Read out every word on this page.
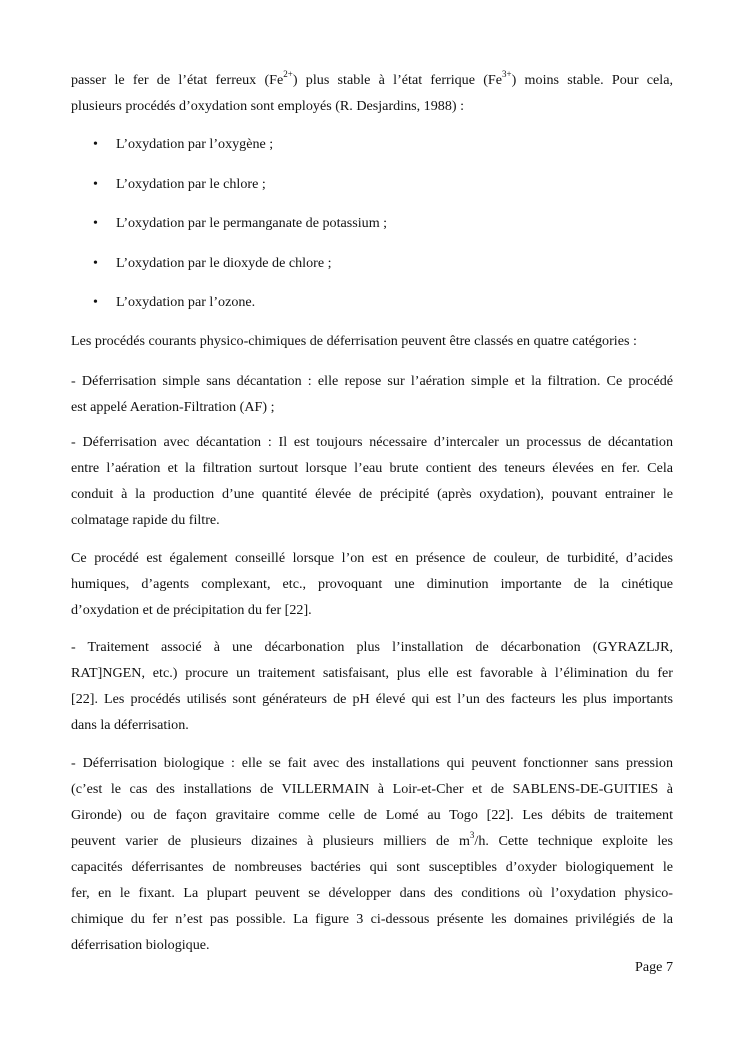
passer le fer de l’état ferreux $(Fe^{2+})$ plus stable à l’état ferrique $(Fe^{3+})$ moins stable. Pour cela,
plusieurs procédés d’oxydation sont employés (R. Desjardins, 1988) :
• L’oxydation par l’oxygène ;
• L’oxydation par le chlore ;
• L’oxydation par le permanganate de potassium ;
• L’oxydation par le dioxyde de chlore ;
• L’oxydation par l’ozone.
Les procédés courants physico-chimiques de déferrisation peuvent être classés en quatre catégories :
- Déferrisation simple sans décantation : elle repose sur l’aération simple et la filtration. Ce procédé
est appelé Aeration-Filtration (AF) ;
- Déferrisation avec décantation : Il est toujours nécessaire d’intercaler un processus de décantation
entre l’aération et la filtration surtout lorsque l’eau brute contient des teneurs élevées en fer. Cela
conduit à la production d’une quantité élevée de précipité (après oxydation), pouvant entrainer le
colmatage rapide du filtre.
Ce procédé est également conseillé lorsque l’on est en présence de couleur, de turbidité, d’acides
humiques, d’agents complexant, etc., provoquant une diminution importante de la cinétique
d’oxydation et de précipitation du fer [22].
- Traitement associé à une décarbonation plus l’installation de décarbonation (GYRAZLJR,
RAT]NGEN, etc.) procure un traitement satisfaisant, plus elle est favorable à l’élimination du fer
[22]. Les procédés utilisés sont générateurs de pH élevé qui est l’un des facteurs les plus importants
dans la déferrisation.
- Déferrisation biologique : elle se fait avec des installations qui peuvent fonctionner sans pression
(c’est le cas des installations de VILLERMAIN à Loir-et-Cher et de SABLENS-DE-GUITIES à
Gironde) ou de façon gravitaire comme celle de Lomé au Togo [22]. Les débits de traitement
peuvent varier de plusieurs dizaines à plusieurs milliers de $m^3/h$. Cette technique exploite les
capacités déferrisantes de nombreuses bactéries qui sont susceptibles d’oxyder biologiquement le
fer, en le fixant. La plupart peuvent se développer dans des conditions où l’oxydation physico-
chimique du fer n’est pas possible. La figure 3 ci-dessous présente les domaines privilégiés de la
déferrisation biologique.
Page 7
